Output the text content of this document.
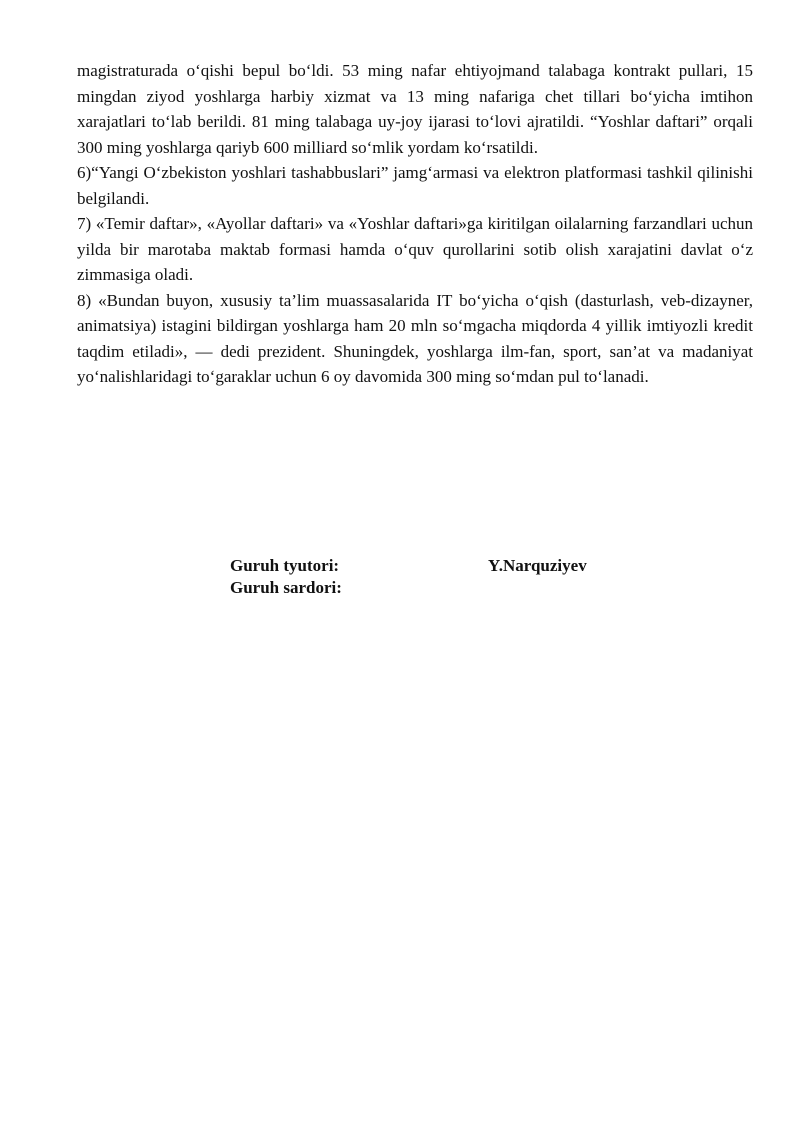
magistraturada o‘qishi bepul bo‘ldi. 53 ming nafar ehtiyojmand talabaga kontrakt pullari, 15 mingdan ziyod yoshlarga harbiy xizmat va 13 ming nafariga chet tillari bo‘yicha imtihon xarajatlari to‘lab berildi. 81 ming talabaga uy-joy ijarasi to‘lovi ajratildi. “Yoshlar daftari” orqali 300 ming yoshlarga qariyb 600 milliard so‘mlik yordam ko‘rsatildi.

6)“Yangi O‘zbekiston yoshlari tashabbuslari” jamg‘armasi va elektron platformasi tashkil qilinishi belgilandi.

7) «Temir daftar», «Ayollar daftari» va «Yoshlar daftari»ga kiritilgan oilalarning farzandlari uchun yilda bir marotaba maktab formasi hamda o‘quv qurollarini sotib olish xarajatini davlat o‘z zimmasiga oladi.

8) «Bundan buyon, xususiy ta’lim muassasalarida IT bo‘yicha o‘qish (dasturlash, veb-dizayner, animatsiya) istagini bildirgan yoshlarga ham 20 mln so‘mgacha miqdorda 4 yillik imtiyozli kredit taqdim etiladi», — dedi prezident. Shuningdek, yoshlarga ilm-fan, sport, san’at va madaniyat yo‘nalishlaridagi to‘garaklar uchun 6 oy davomida 300 ming so‘mdan pul to‘lanadi.

Guruh tyutori:	Y.Narquziyev
Guruh sardori:
